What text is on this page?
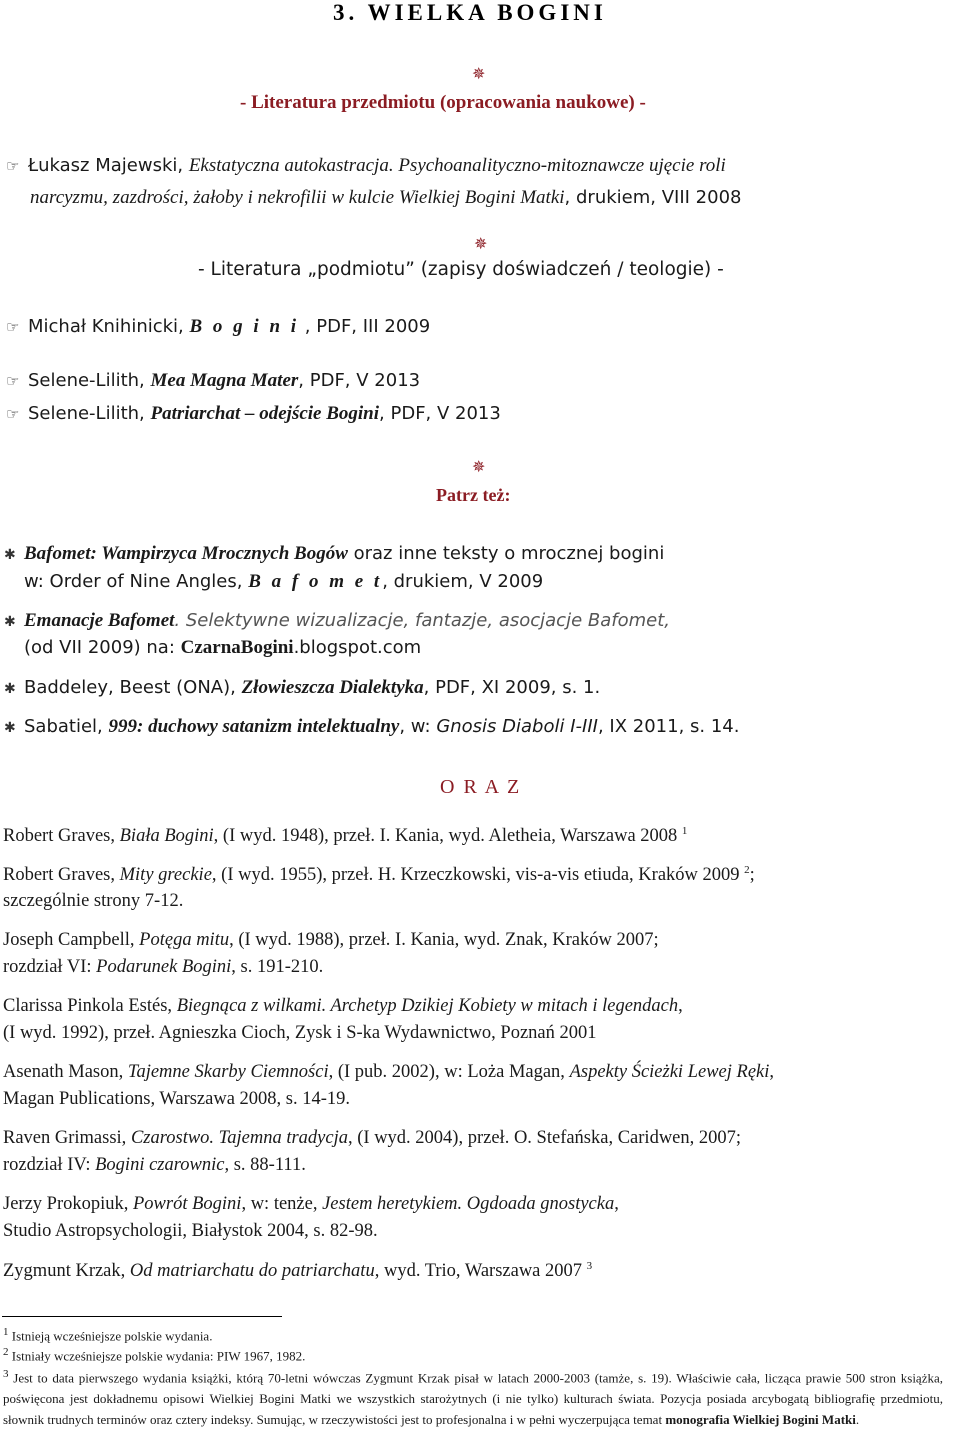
3. WIELKA BOGINI
✵
- Literatura przedmiotu (opracowania naukowe) -
☞ Łukasz Majewski, Ekstatyczna autokastracja. Psychoanalityczno-mitoznawcze ujęcie roli
narcyzmu, zazdrości, żałoby i nekrofilii w kulcie Wielkiej Bogini Matki, drukiem, VIII 2008
✵
- Literatura „podmiotu” (zapisy doświadczeń / teologie) -
☞ Michał Knihinicki, B o g i n i , PDF, III 2009
☞ Selene-Lilith, Mea Magna Mater, PDF, V 2013
☞ Selene-Lilith, Patriarchat – odejście Bogini, PDF, V 2013
✵
Patrz też:
✱ Bafomet: Wampirzyca Mrocznych Bogów oraz inne teksty o mrocznej bogini
w: Order of Nine Angles, B a f o m e t, drukiem, V 2009
✱ Emanacje Bafomet. Selektywne wizualizacje, fantazje, asocjacje Bafomet,
(od VII 2009) na: CzarnaBogini.blogspot.com
✱ Baddeley, Beest (ONA), Złowieszcza Dialektyka, PDF, XI 2009, s. 1.
✱ Sabatiel, 999: duchowy satanizm intelektualny, w: Gnosis Diaboli I-III, IX 2011, s. 14.
O R A Z
Robert Graves, Biała Bogini, (I wyd. 1948), przeł. I. Kania, wyd. Aletheia, Warszawa 2008 $^1$
Robert Graves, Mity greckie, (I wyd. 1955), przeł. H. Krzeczkowski, vis-a-vis etiuda, Kraków 2009 $^2$;
szczególnie strony 7-12.
Joseph Campbell, Potęga mitu, (I wyd. 1988), przeł. I. Kania, wyd. Znak, Kraków 2007;
rozdział VI: Podarunek Bogini, s. 191-210.
Clarissa Pinkola Estés, Biegnąca z wilkami. Archetyp Dzikiej Kobiety w mitach i legendach,
(I wyd. 1992), przeł. Agnieszka Cioch, Zysk i S-ka Wydawnictwo, Poznań 2001
Asenath Mason, Tajemne Skarby Ciemności, (I pub. 2002), w: Loża Magan, Aspekty Ścieżki Lewej Ręki,
Magan Publications, Warszawa 2008, s. 14-19.
Raven Grimassi, Czarostwo. Tajemna tradycja, (I wyd. 2004), przeł. O. Stefańska, Caridwen, 2007;
rozdział IV: Bogini czarownic, s. 88-111.
Jerzy Prokopiuk, Powrót Bogini, w: tenże, Jestem heretykiem. Ogdoada gnostycka,
Studio Astropsychologii, Białystok 2004, s. 82-98.
Zygmunt Krzak, Od matriarchatu do patriarchatu, wyd. Trio, Warszawa 2007 $^3$
$^1$ Istnieją wcześniejsze polskie wydania.
$^2$ Istniały wcześniejsze polskie wydania: PIW 1967, 1982.
$^3$ Jest to data pierwszego wydania książki, którą 70-letni wówczas Zygmunt Krzak pisał w latach 2000-2003 (tamże, s. 19). Właściwie cała, licząca prawie 500 stron książka, poświęcona jest dokładnemu opisowi Wielkiej Bogini Matki we wszystkich starożytnych (i nie tylko) kulturach świata. Pozycja posiada arcybogatą bibliografię przedmiotu, słownik trudnych terminów oraz cztery indeksy. Sumując, w rzeczywistości jest to profesjonalna i w pełni wyczerpująca temat monografia Wielkiej Bogini Matki.
